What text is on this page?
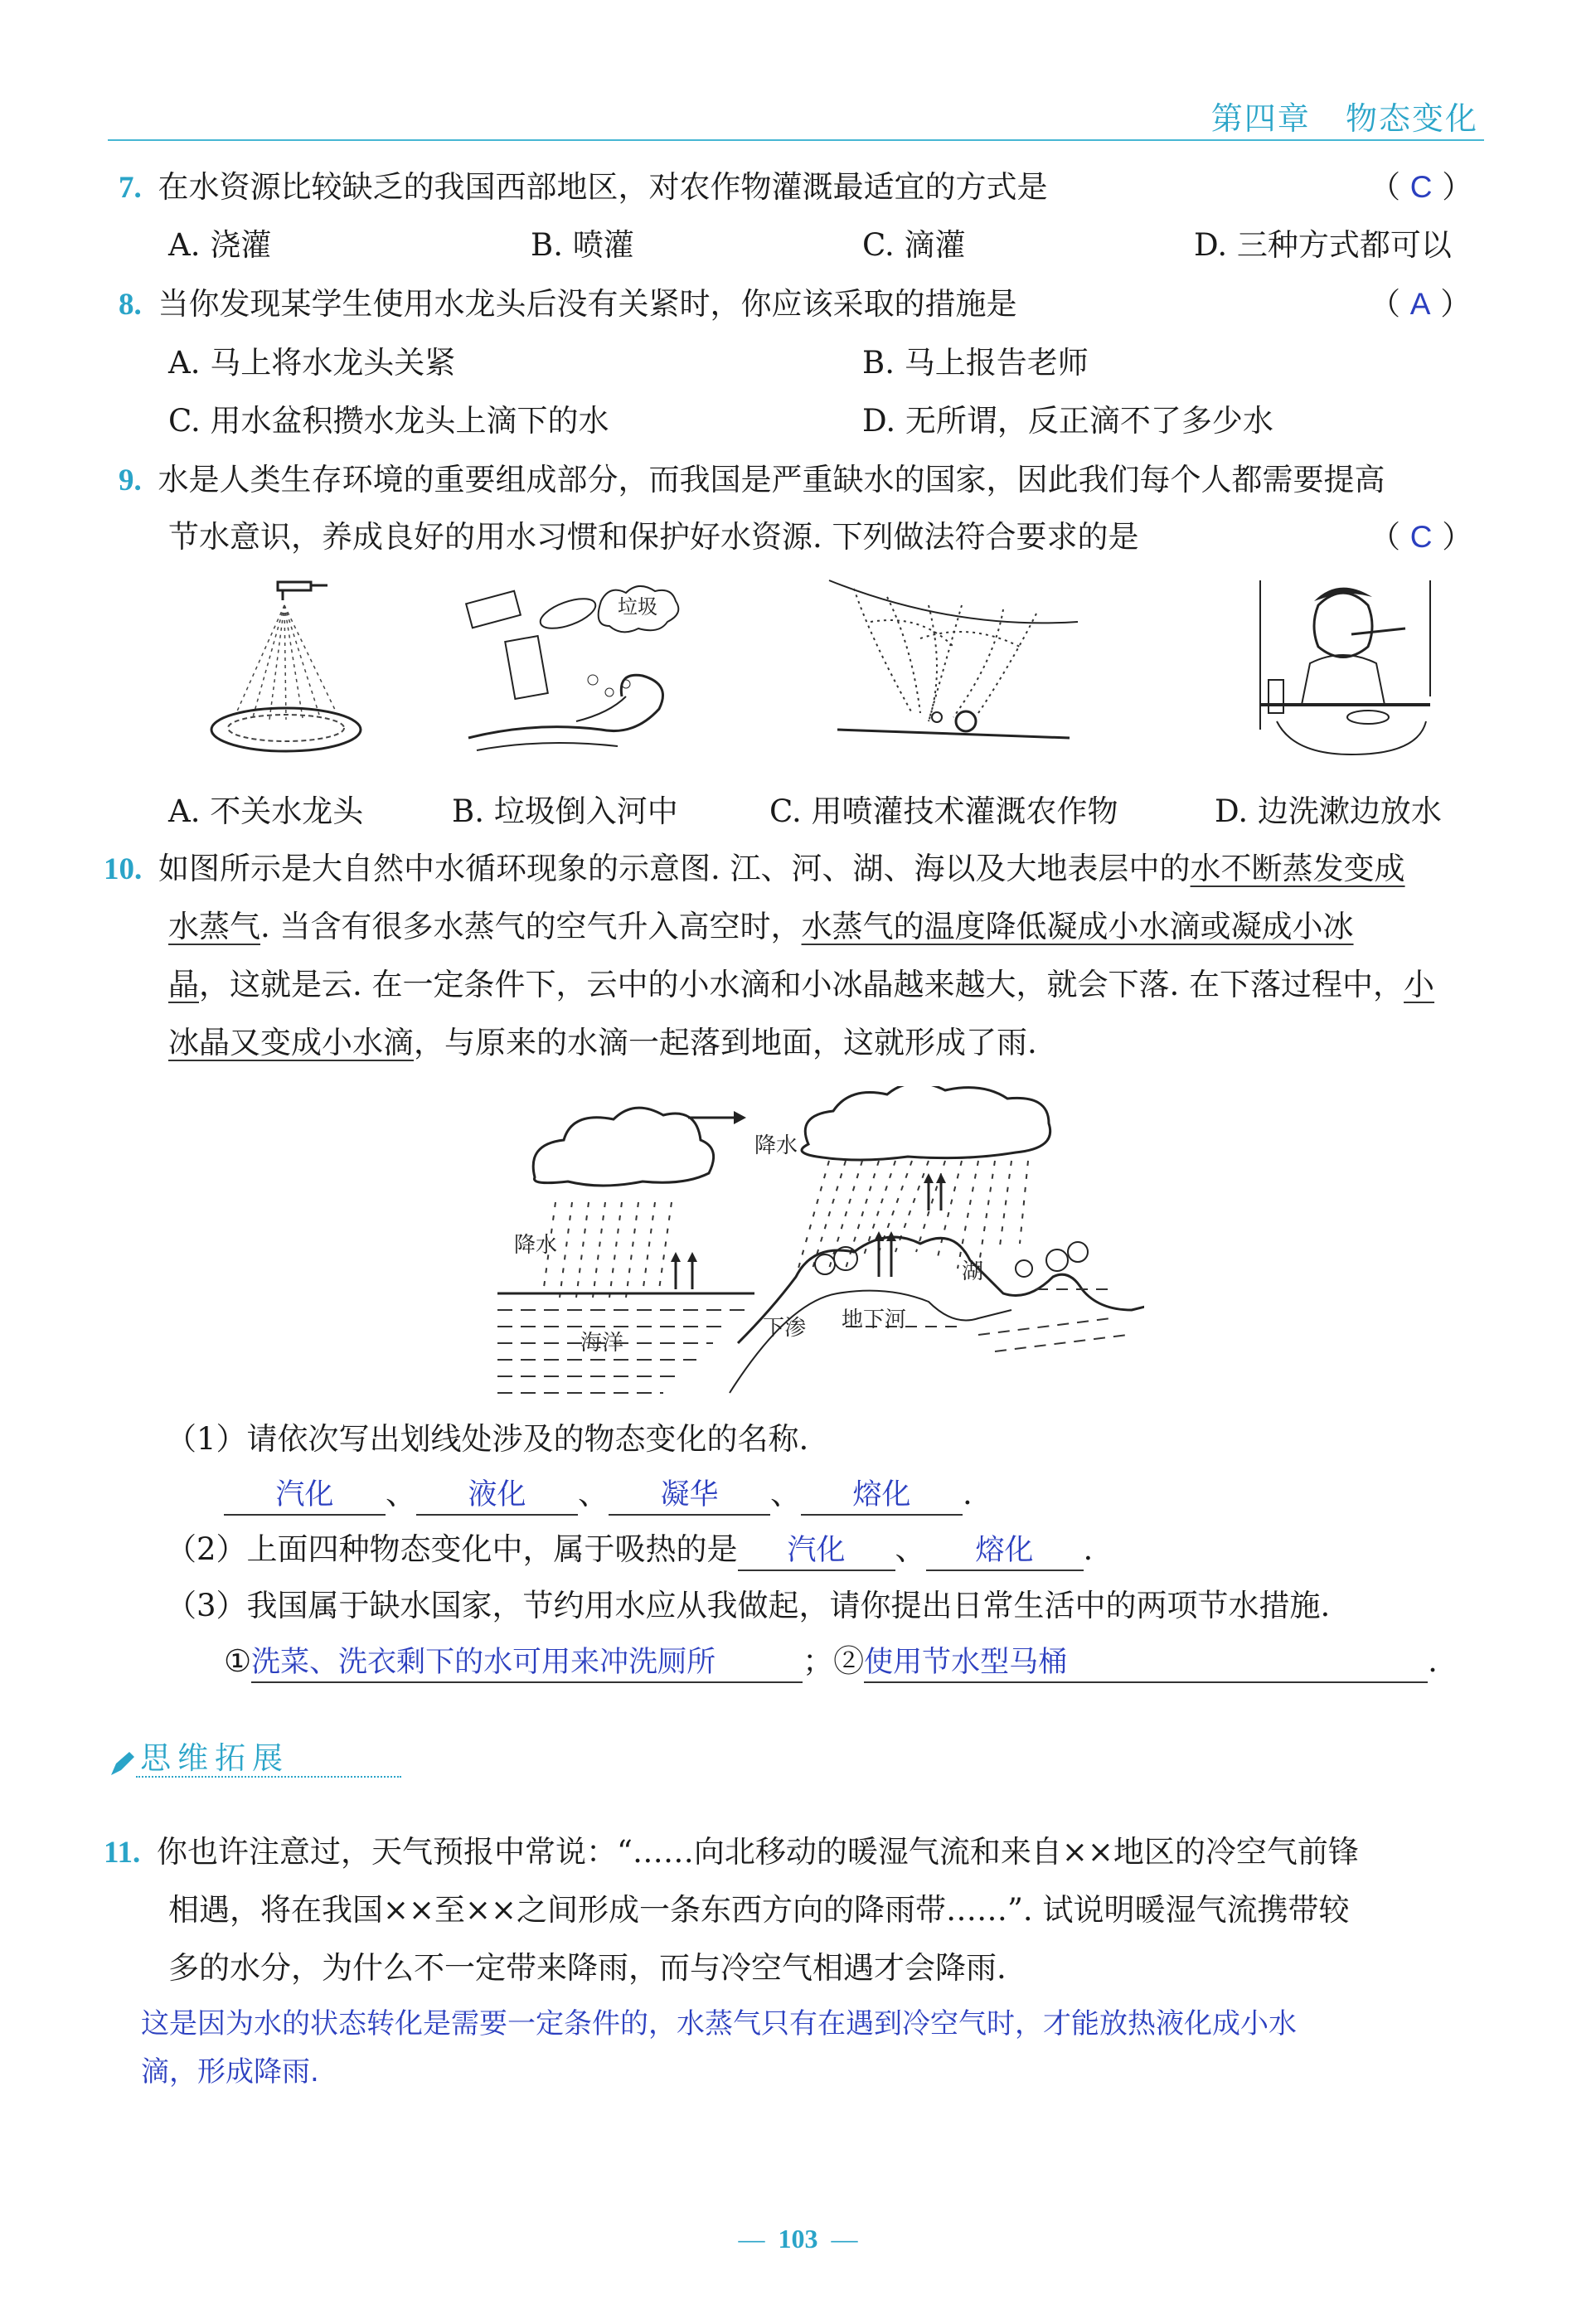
第四章 物态变化
7. 在水资源比较缺乏的我国西部地区，对农作物灌溉最适宜的方式是	（ C ）
A. 浇灌	B. 喷灌	C. 滴灌	D. 三种方式都可以
8. 当你发现某学生使用水龙头后没有关紧时，你应该采取的措施是	（ A ）
A. 马上将水龙头关紧	B. 马上报告老师
C. 用水盆积攒水龙头上滴下的水	D. 无所谓，反正滴不了多少水
9. 水是人类生存环境的重要组成部分，而我国是严重缺水的国家，因此我们每个人都需要提高
节水意识，养成良好的用水习惯和保护好水资源. 下列做法符合要求的是	（ C ）
垃圾
A. 不关水龙头	B. 垃圾倒入河中	C. 用喷灌技术灌溉农作物	D. 边洗漱边放水
10. 如图所示是大自然中水循环现象的示意图. 江、河、湖、海以及大地表层中的水不断蒸发变成
水蒸气. 当含有很多水蒸气的空气升入高空时，水蒸气的温度降低凝成小水滴或凝成小冰
晶，这就是云. 在一定条件下，云中的小水滴和小冰晶越来越大，就会下落. 在下落过程中，小
冰晶又变成小水滴，与原来的水滴一起落到地面，这就形成了雨.
降水
降水
湖
下渗 地下河
海洋
（1）请依次写出划线处涉及的物态变化的名称.
汽化 、 液化 、 凝华 、 熔化 .
（2）上面四种物态变化中，属于吸热的是 汽化 、 熔化 .
（3）我国属于缺水国家，节约用水应从我做起，请你提出日常生活中的两项节水措施.
①洗菜、洗衣剩下的水可用来冲洗厕所	；②使用节水型马桶	.
思维拓展
11. 你也许注意过，天气预报中常说：“……向北移动的暖湿气流和来自××地区的冷空气前锋
相遇，将在我国××至××之间形成一条东西方向的降雨带……”. 试说明暖湿气流携带较
多的水分，为什么不一定带来降雨，而与冷空气相遇才会降雨.
这是因为水的状态转化是需要一定条件的，水蒸气只有在遇到冷空气时，才能放热液化成小水
滴，形成降雨.
—  103  —
